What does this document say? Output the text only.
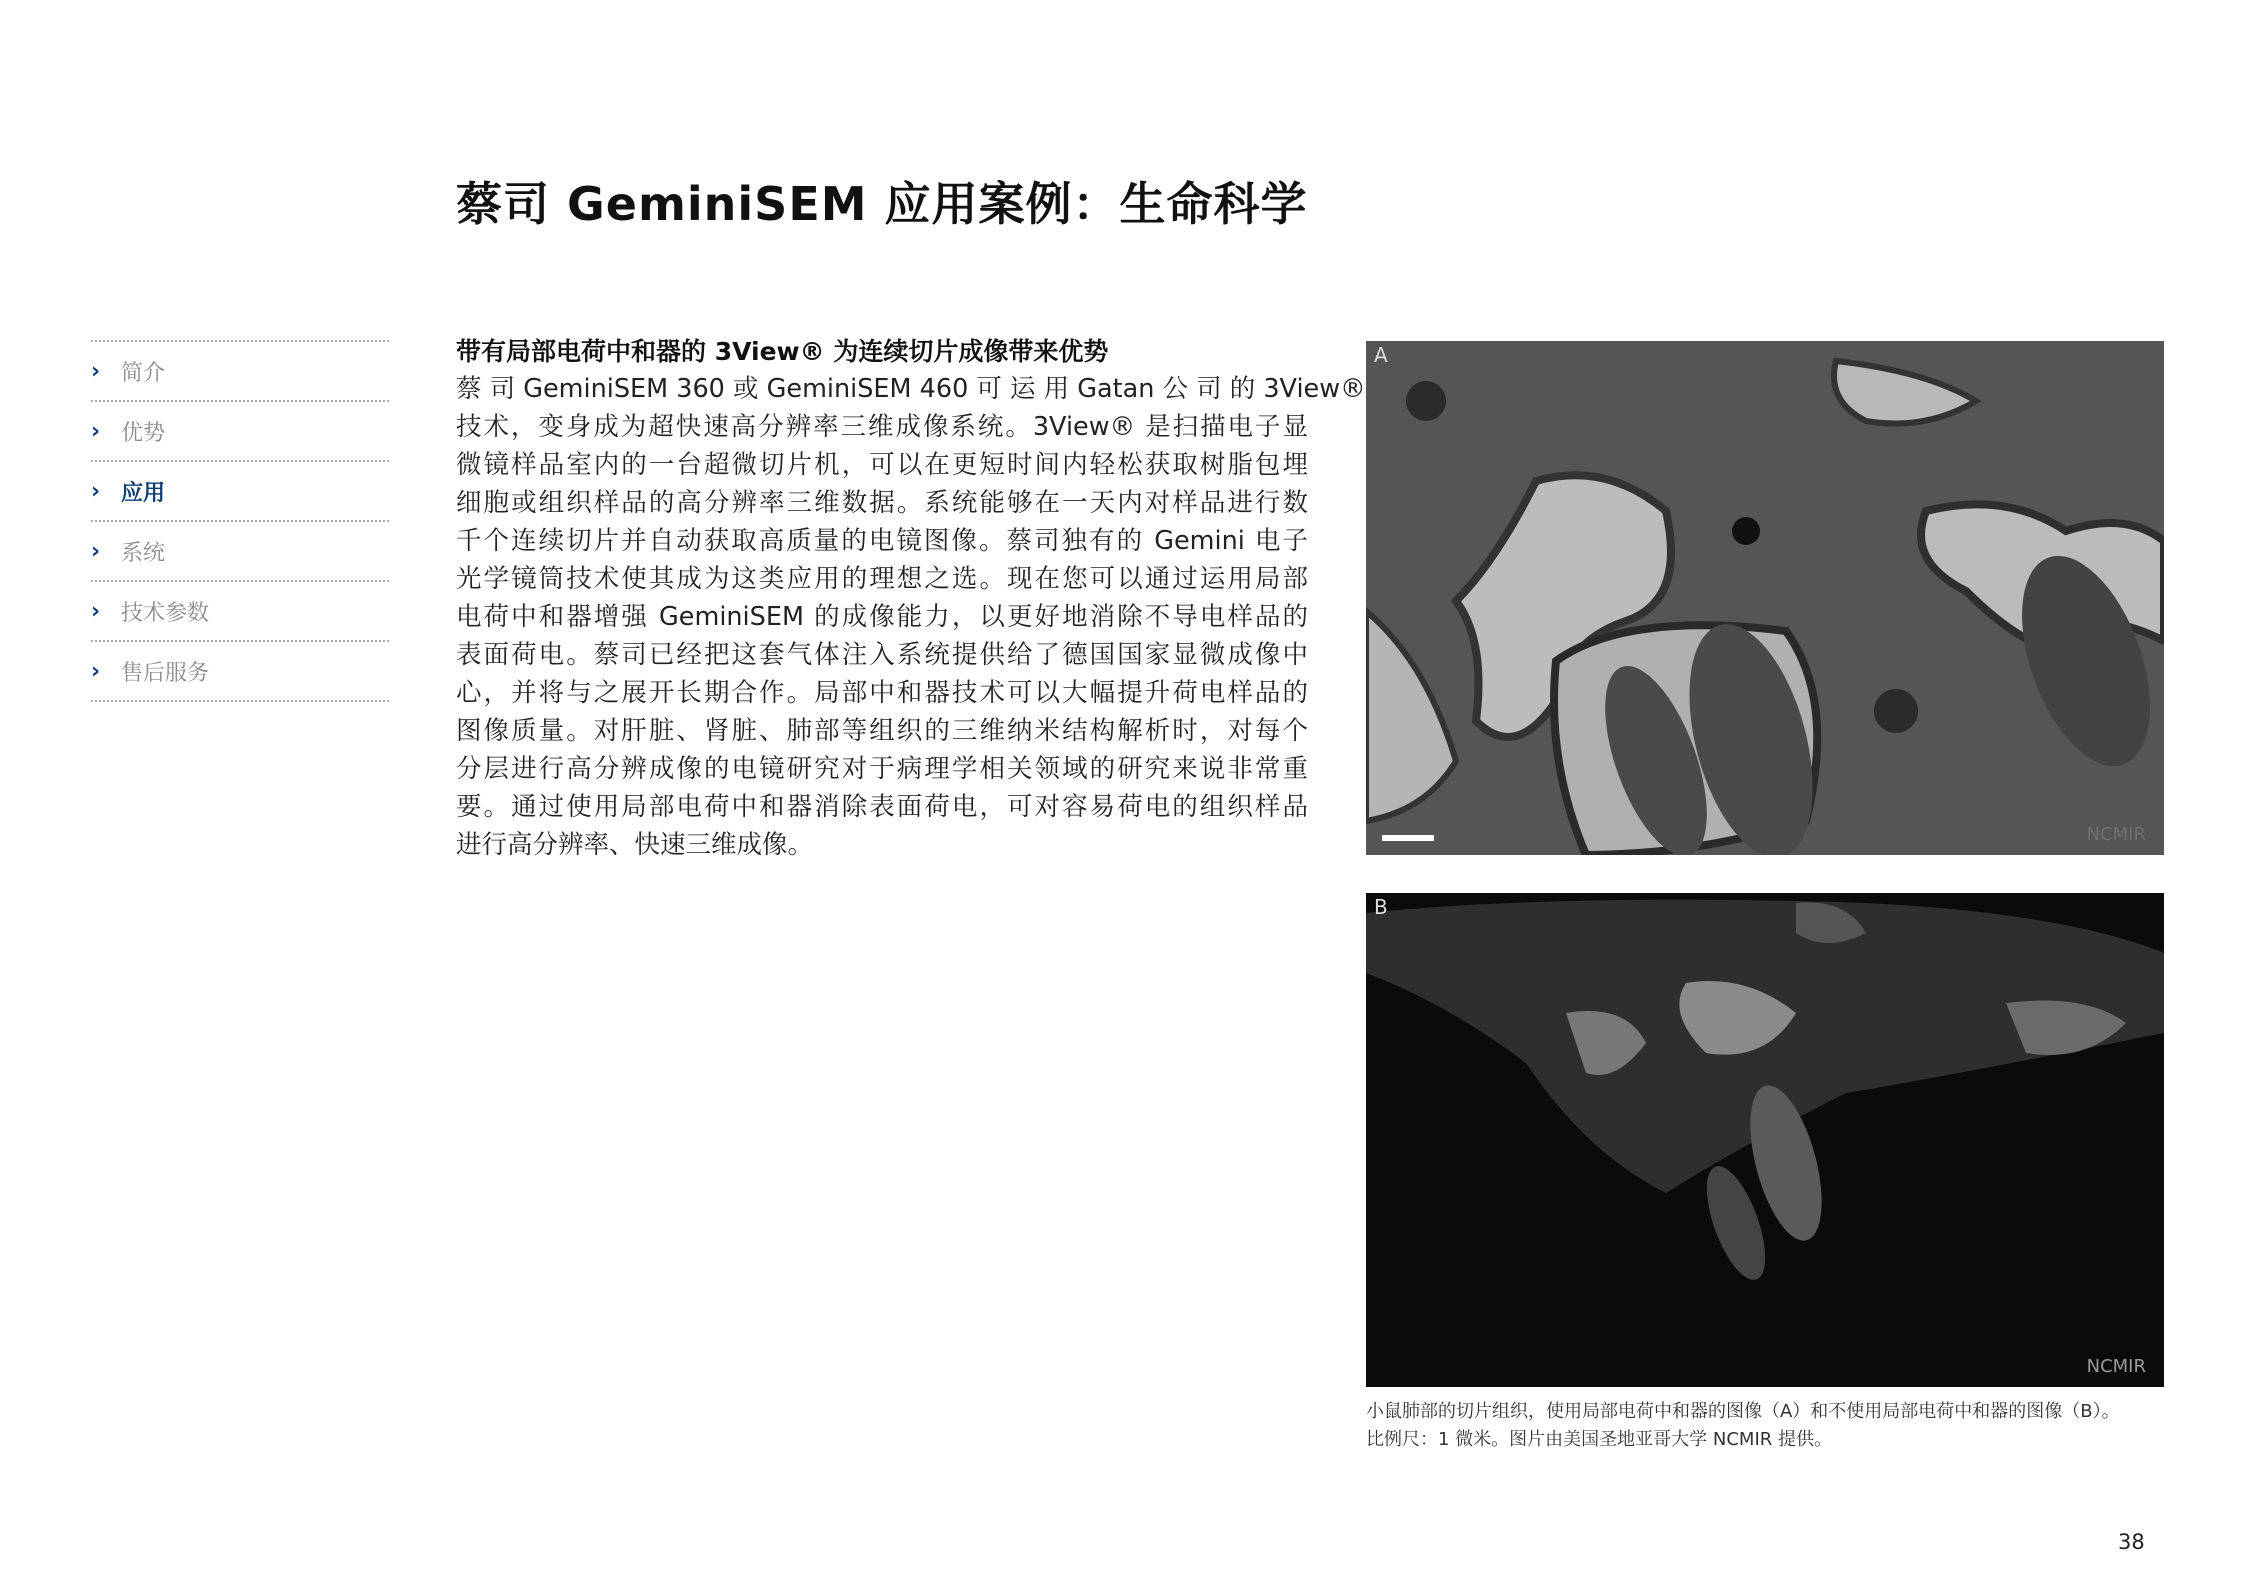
蔡司 GeminiSEM 应用案例：生命科学
› 简介
› 优势
› 应用
› 系统
› 技术参数
› 售后服务
带有局部电荷中和器的 3View® 为连续切片成像带来优势
蔡 司 GeminiSEM 360 或 GeminiSEM 460 可 运 用 Gatan 公 司 的 3View®
技术，变身成为超快速高分辨率三维成像系统。3View® 是扫描电子显
微镜样品室内的一台超微切片机，可以在更短时间内轻松获取树脂包埋
细胞或组织样品的高分辨率三维数据。系统能够在一天内对样品进行数
千个连续切片并自动获取高质量的电镜图像。蔡司独有的 Gemini 电子
光学镜筒技术使其成为这类应用的理想之选。现在您可以通过运用局部
电荷中和器增强 GeminiSEM 的成像能力，以更好地消除不导电样品的
表面荷电。蔡司已经把这套气体注入系统提供给了德国国家显微成像中
心，并将与之展开长期合作。局部中和器技术可以大幅提升荷电样品的
图像质量。对肝脏、肾脏、肺部等组织的三维纳米结构解析时，对每个
分层进行高分辨成像的电镜研究对于病理学相关领域的研究来说非常重
要。通过使用局部电荷中和器消除表面荷电，可对容易荷电的组织样品
进行高分辨率、快速三维成像。
A
NCMIR
B
NCMIR
小鼠肺部的切片组织，使用局部电荷中和器的图像（A）和不使用局部电荷中和器的图像（B）。
比例尺：1 微米。图片由美国圣地亚哥大学 NCMIR 提供。
38
